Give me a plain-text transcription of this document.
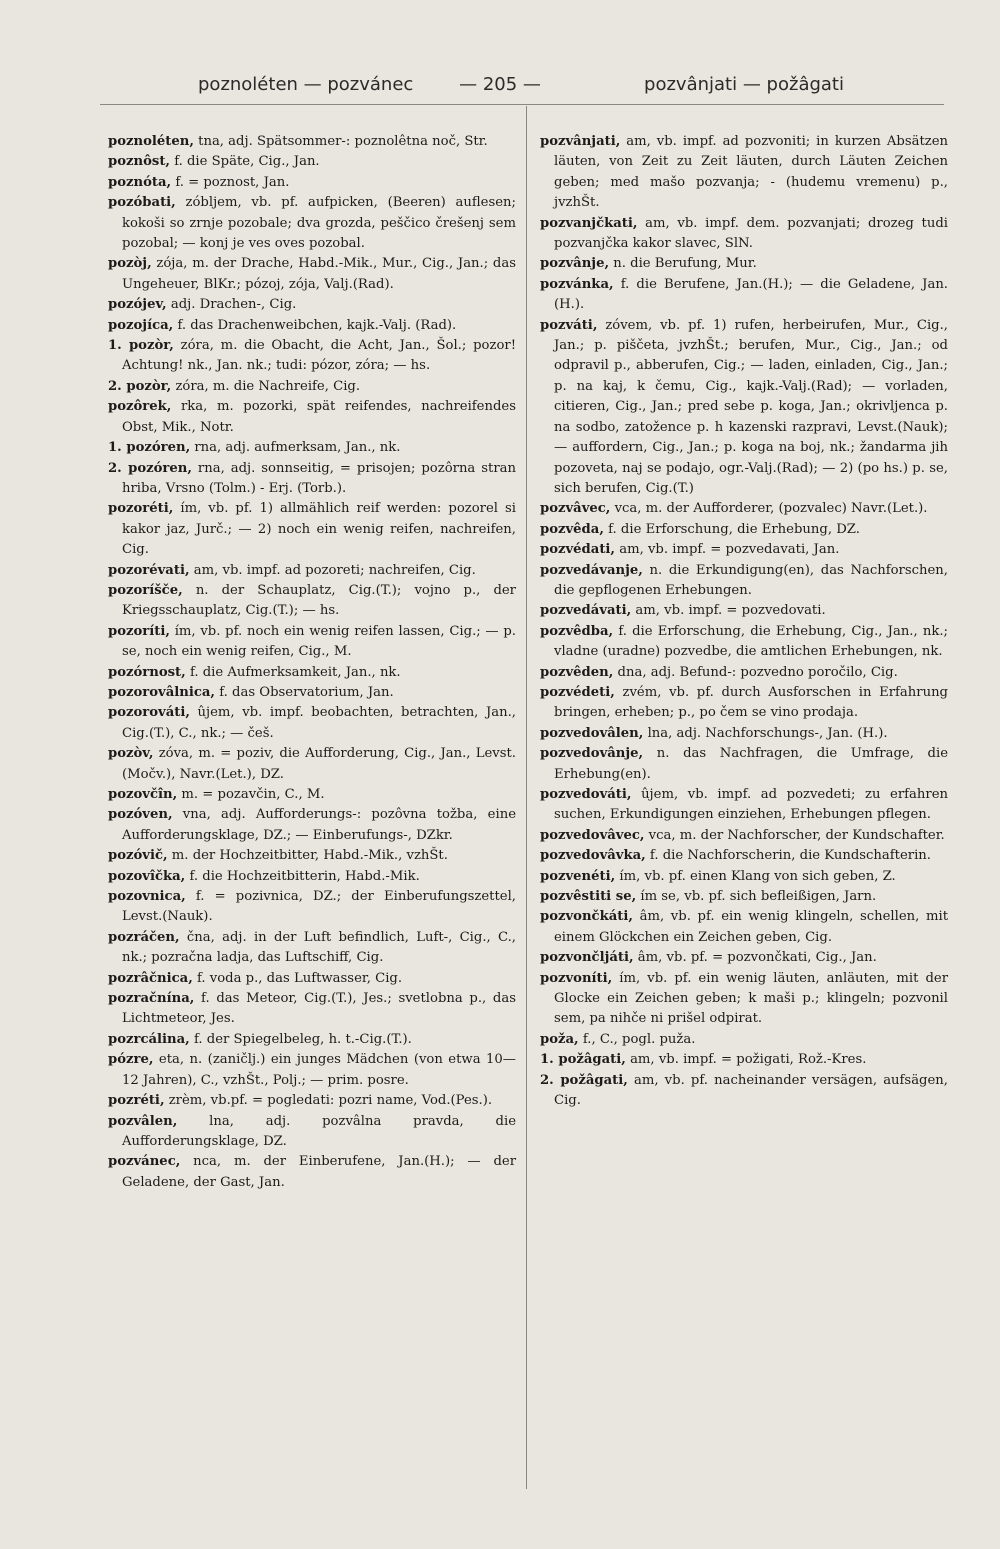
poznoléten — pozvánec	— 205 —	pozvânjati — požâgati

poznoléten, tna, adj. Spätsommer-: poznolêtna noč, Str.

poznôst, f. die Späte, Cig., Jan.

poznóta, f. = poznost, Jan.

pozóbati, zóbljem, vb. pf. aufpicken, (Beeren) auflesen; kokoši so zrnje pozobale; dva grozda, peščico črešenj sem pozobal; — konj je ves oves pozobal.

pozòj, zója, m. der Drache, Habd.-Mik., Mur., Cig., Jan.; das Ungeheuer, BlKr.; pózoj, zója, Valj.(Rad).

pozójev, adj. Drachen-, Cig.

pozojíca, f. das Drachenweibchen, kajk.-Valj. (Rad).

1. pozòr, zóra, m. die Obacht, die Acht, Jan., Šol.; pozor! Achtung! nk., Jan. nk.; tudi: pózor, zóra; — hs.

2. pozòr, zóra, m. die Nachreife, Cig.

pozôrek, rka, m. pozorki, spät reifendes, nachreifendes Obst, Mik., Notr.

1. pozóren, rna, adj. aufmerksam, Jan., nk.

2. pozóren, rna, adj. sonnseitig, = prisojen; pozôrna stran hriba, Vrsno (Tolm.) - Erj. (Torb.).

pozoréti, ím, vb. pf. 1) allmählich reif werden: pozorel si kakor jaz, Jurč.; — 2) noch ein wenig reifen, nachreifen, Cig.

pozorévati, am, vb. impf. ad pozoreti; nachreifen, Cig.

pozoríšče, n. der Schauplatz, Cig.(T.); vojno p., der Kriegsschauplatz, Cig.(T.); — hs.

pozoríti, ím, vb. pf. noch ein wenig reifen lassen, Cig.; — p. se, noch ein wenig reifen, Cig., M.

pozórnost, f. die Aufmerksamkeit, Jan., nk.

pozorovâlnica, f. das Observatorium, Jan.

pozorováti, ûjem, vb. impf. beobachten, betrachten, Jan., Cig.(T.), C., nk.; — češ.

pozòv, zóva, m. = poziv, die Aufforderung, Cig., Jan., Levst.(Močv.), Navr.(Let.), DZ.

pozovčîn, m. = pozavčin, C., M.

pozóven, vna, adj. Aufforderungs-: pozôvna tožba, eine Aufforderungsklage, DZ.; — Einberufungs-, DZkr.

pozóvič, m. der Hochzeitbitter, Habd.-Mik., vzhŠt.

pozovîčka, f. die Hochzeitbitterin, Habd.-Mik.

pozovnica, f. = pozivnica, DZ.; der Einberufungszettel, Levst.(Nauk).

pozráčen, čna, adj. in der Luft befindlich, Luft-, Cig., C., nk.; pozračna ladja, das Luftschiff, Cig.

pozrâčnica, f. voda p., das Luftwasser, Cig.

pozračnína, f. das Meteor, Cig.(T.), Jes.; svetlobna p., das Lichtmeteor, Jes.

pozrcálina, f. der Spiegelbeleg, h. t.-Cig.(T.).

pózre, eta, n. (zaničlj.) ein junges Mädchen (von etwa 10—12 Jahren), C., vzhŠt., Polj.; — prim. posre.

pozréti, zrèm, vb.pf. = pogledati: pozri name, Vod.(Pes.).

pozvâlen, lna, adj. pozvâlna pravda, die Aufforderungsklage, DZ.

pozvánec, nca, m. der Einberufene, Jan.(H.); — der Geladene, der Gast, Jan.

pozvânjati, am, vb. impf. ad pozvoniti; in kurzen Absätzen läuten, von Zeit zu Zeit läuten, durch Läuten Zeichen geben; med mašo pozvanja; - (hudemu vremenu) p., jvzhŠt.

pozvanjčkati, am, vb. impf. dem. pozvanjati; drozeg tudi pozvanjčka kakor slavec, SlN.

pozvânje, n. die Berufung, Mur.

pozvánka, f. die Berufene, Jan.(H.); — die Geladene, Jan.(H.).

pozváti, zóvem, vb. pf. 1) rufen, herbeirufen, Mur., Cig., Jan.; p. piščeta, jvzhŠt.; berufen, Mur., Cig., Jan.; od odpravil p., abberufen, Cig.; — laden, einladen, Cig., Jan.; p. na kaj, k čemu, Cig., kajk.-Valj.(Rad); — vorladen, citieren, Cig., Jan.; pred sebe p. koga, Jan.; okrivljenca p. na sodbo, zatožence p. h kazenski razpravi, Levst.(Nauk); — auffordern, Cig., Jan.; p. koga na boj, nk.; žandarma jih pozoveta, naj se podajo, ogr.-Valj.(Rad); — 2) (po hs.) p. se, sich berufen, Cig.(T.)

pozvâvec, vca, m. der Aufforderer, (pozvalec) Navr.(Let.).

pozvêda, f. die Erforschung, die Erhebung, DZ.

pozvédati, am, vb. impf. = pozvedavati, Jan.

pozvedávanje, n. die Erkundigung(en), das Nachforschen, die gepflogenen Erhebungen.

pozvedávati, am, vb. impf. = pozvedovati.

pozvêdba, f. die Erforschung, die Erhebung, Cig., Jan., nk.; vladne (uradne) pozvedbe, die amtlichen Erhebungen, nk.

pozvêden, dna, adj. Befund-: pozvedno poročilo, Cig.

pozvédeti, zvém, vb. pf. durch Ausforschen in Erfahrung bringen, erheben; p., po čem se vino prodaja.

pozvedovâlen, lna, adj. Nachforschungs-, Jan. (H.).

pozvedovânje, n. das Nachfragen, die Umfrage, die Erhebung(en).

pozvedováti, ûjem, vb. impf. ad pozvedeti; zu erfahren suchen, Erkundigungen einziehen, Erhebungen pflegen.

pozvedovâvec, vca, m. der Nachforscher, der Kundschafter.

pozvedovâvka, f. die Nachforscherin, die Kundschafterin.

pozvenéti, ím, vb. pf. einen Klang von sich geben, Z.

pozvêstiti se, ím se, vb. pf. sich befleißigen, Jarn.

pozvončkáti, âm, vb. pf. ein wenig klingeln, schellen, mit einem Glöckchen ein Zeichen geben, Cig.

pozvončljáti, âm, vb. pf. = pozvončkati, Cig., Jan.

pozvoníti, ím, vb. pf. ein wenig läuten, anläuten, mit der Glocke ein Zeichen geben; k maši p.; klingeln; pozvonil sem, pa nihče ni prišel odpirat.

poža, f., C., pogl. puža.

1. požâgati, am, vb. impf. = požigati, Rož.-Kres.

2. požâgati, am, vb. pf. nacheinander versägen, aufsägen, Cig.
